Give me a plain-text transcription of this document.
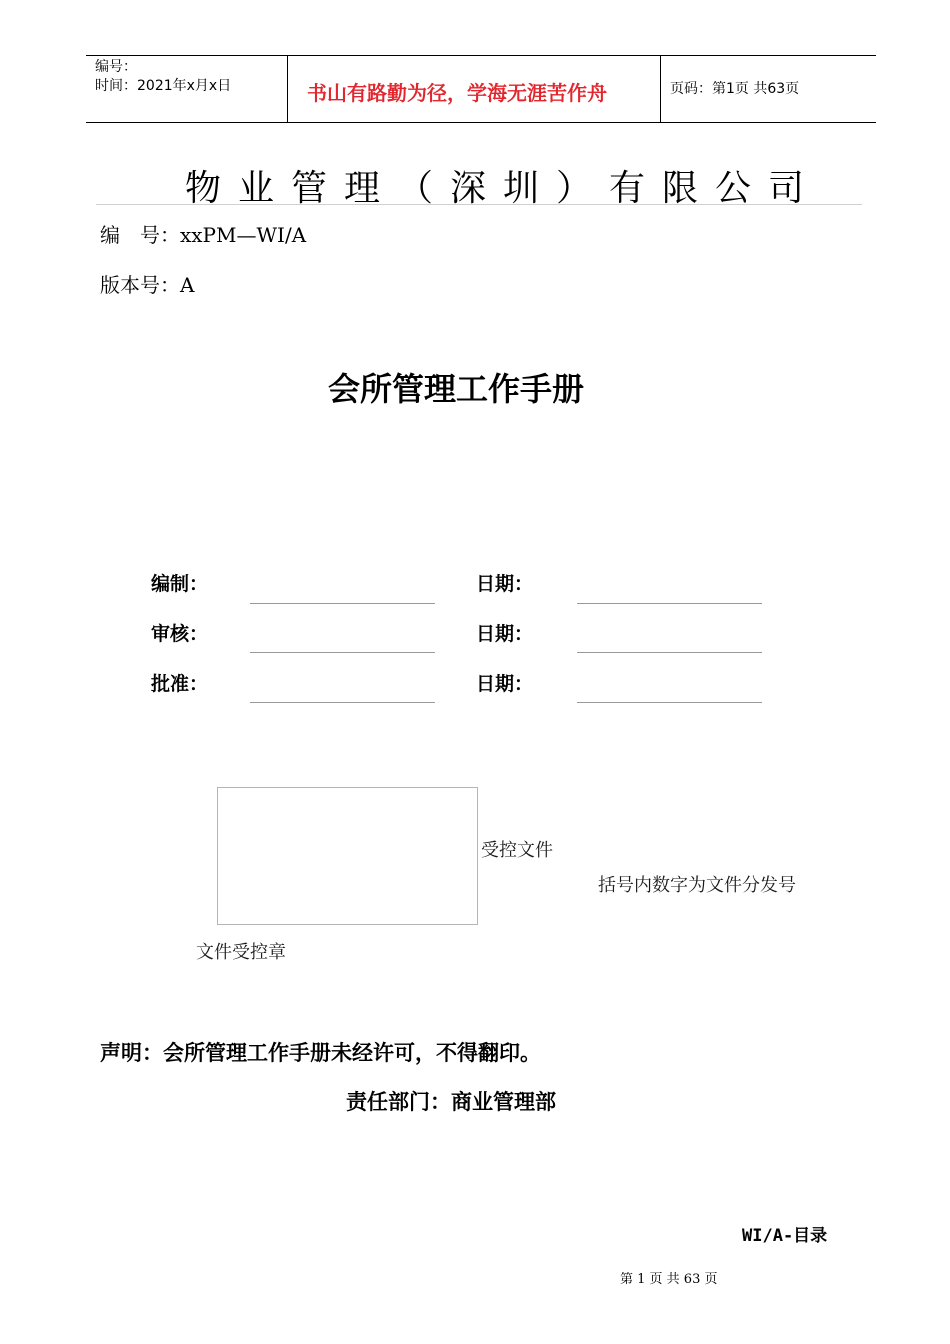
编号：
时间：2021年x月x日	书山有路勤为径，学海无涯苦作舟	页码：第1页 共63页
物业管理（深圳）有限公司
编　号：xxPM—WI/A
版本号：A
会所管理工作手册
编制：	日期：
审核：	日期：
批准：	日期：
受控文件
括号内数字为文件分发号
文件受控章
声明：会所管理工作手册未经许可，不得翻印。
责任部门：商业管理部
WI/A-目录
第 1 页 共 63 页
